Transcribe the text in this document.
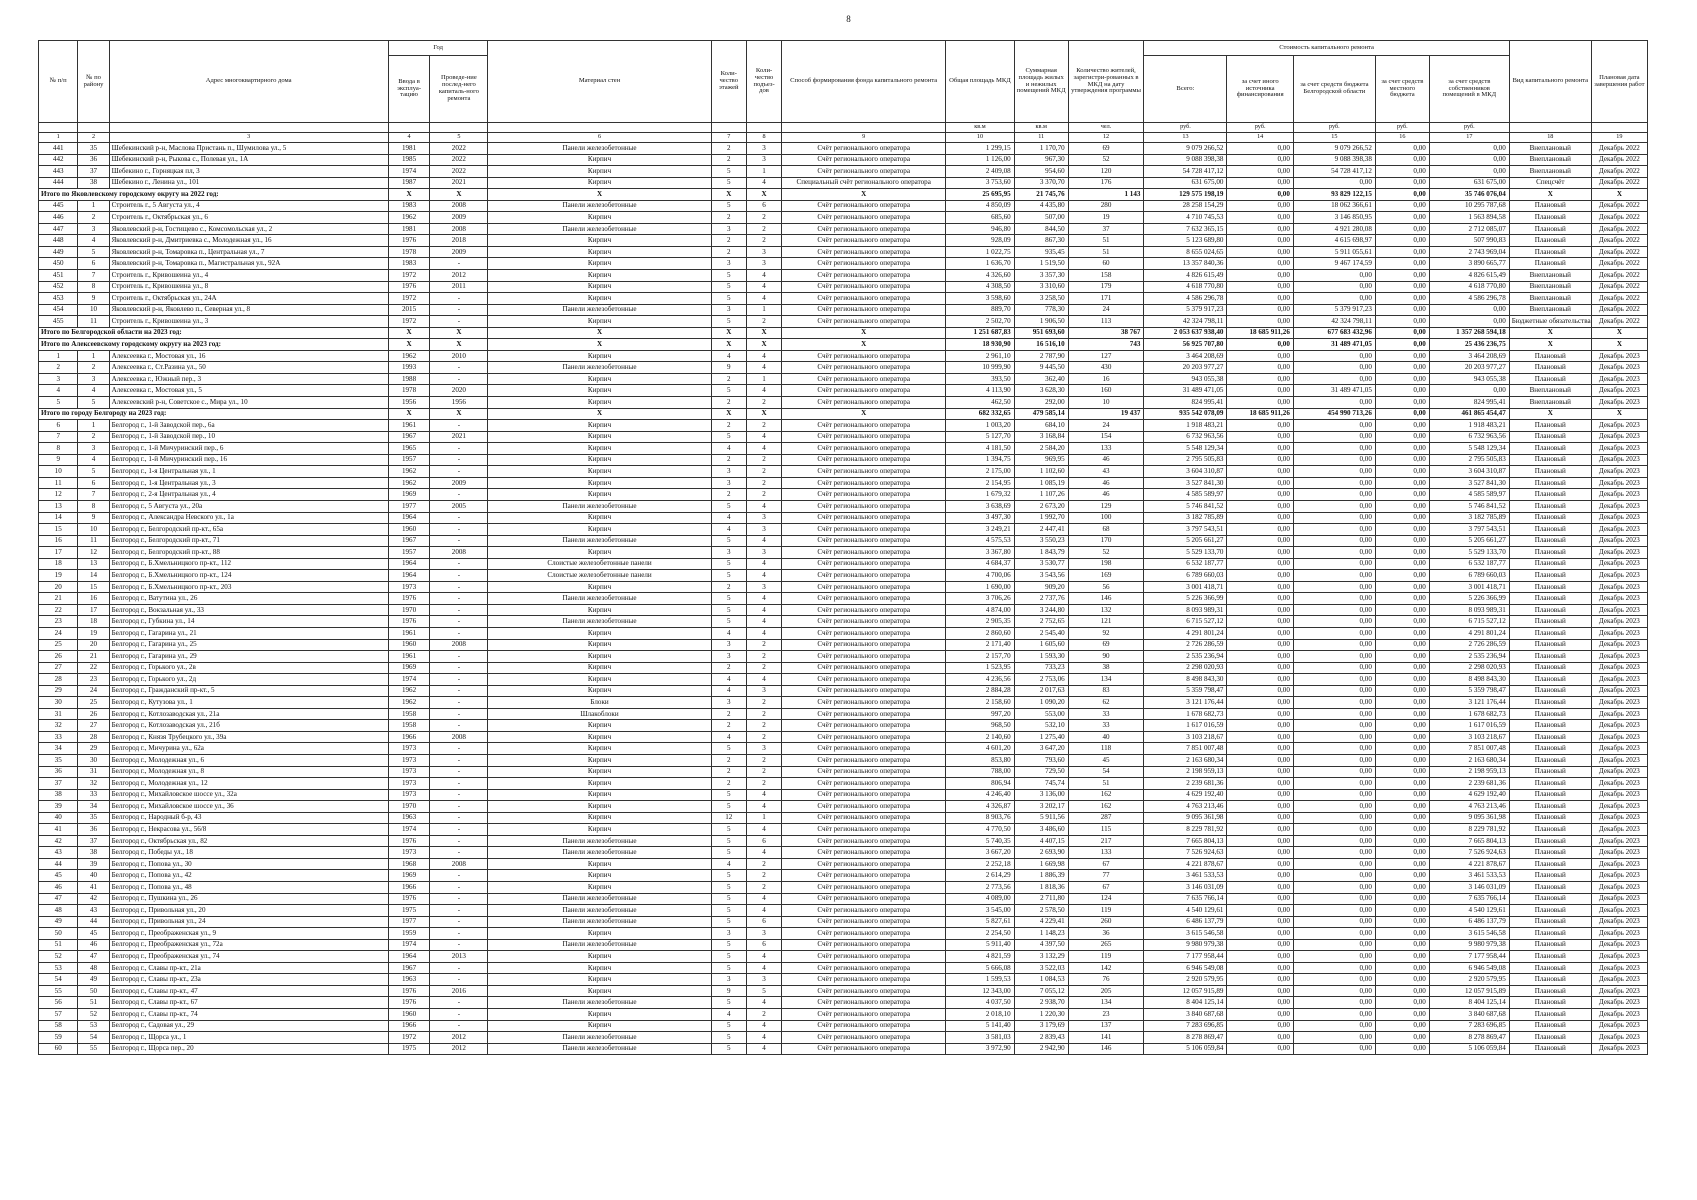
8
№ п/п	№ по району	Адрес многоквартирного дома	Год		Материал стен	Коли-чество этажей	Коли-чество подъез-дов	Способ формирования фонда капитального ремонта	Общая площадь МКД	Суммарная площадь жилых и нежилых помещений МКД	Количество жителей, зарегистри-рованных в МКД на дату утверждения программы	Стоимость капитального ремонта					Вид капитального ремонта	Плановая дата завершения работ
			Ввода в эксплуа-тацию	Проведе-ние послед-него капиталь-ного ремонта								Всего:	за счет иного источника финансирования	за счет средств бюджета Белгородской области	за счет средств местного бюджета	за счет средств собственников помещений в МКД		
									кв.м	кв.м	чел.	руб.	руб.	руб.	руб.	руб.		
1	2	3	4	5	6	7	8	9	10	11	12	13	14	15	16	17	18	19
441	35	Шебекинский р-н, Маслова Пристань п., Шумилова ул., 5	1981	2022	Панели железобетонные	2	3	Счёт регионального оператора	1 299,15	1 170,70	69	9 079 266,52	0,00	9 079 266,52	0,00	0,00	Внеплановый	Декабрь 2022
442	36	Шебекинский р-н, Рыкова с., Полевая ул., 1А	1985	2022	Кирпич	2	3	Счёт регионального оператора	1 126,00	967,30	52	9 088 398,38	0,00	9 088 398,38	0,00	0,00	Внеплановый	Декабрь 2022
443	37	Шебекино г., Горняцкая пл, 3	1974	2022	Кирпич	5	1	Счёт регионального оператора	2 409,08	954,60	120	54 728 417,12	0,00	54 728 417,12	0,00	0,00	Внеплановый	Декабрь 2022
444	38	Шебекино г., Ленина ул., 101	1987	2021	Кирпич	5	4	Специальный счёт регионального оператора	3 753,60	3 370,70	176	631 675,00	0,00	0,00	0,00	631 675,00	Спецсчёт	Декабрь 2022
Итого по Яковлевскому городскому округу на 2022 год:			X	X	X	X	X	X	25 695,95	21 745,76	1 143	129 575 198,19	0,00	93 829 122,15	0,00	35 746 076,04	X	X
445	1	Строитель г., 5 Августа ул., 4	1983	2008	Панели железобетонные	5	6	Счёт регионального оператора	4 850,09	4 435,80	280	28 258 154,29	0,00	18 062 366,61	0,00	10 295 787,68	Плановый	Декабрь 2022
446	2	Строитель г., Октябрьская ул., 6	1962	2009	Кирпич	2	2	Счёт регионального оператора	685,60	507,00	19	4 710 745,53	0,00	3 146 850,95	0,00	1 563 894,58	Плановый	Декабрь 2022
447	3	Яковлевский р-н, Гостищево с., Комсомольская ул., 2	1981	2008	Панели железобетонные	3	2	Счёт регионального оператора	946,80	844,50	37	7 632 365,15	0,00	4 921 280,08	0,00	2 712 085,07	Плановый	Декабрь 2022
448	4	Яковлевский р-н, Дмитриевка с., Молодежная ул., 16	1976	2018	Кирпич	2	2	Счёт регионального оператора	928,09	867,30	51	5 123 689,80	0,00	4 615 698,97	0,00	507 990,83	Плановый	Декабрь 2022
449	5	Яковлевский р-н, Томаровка п., Центральная ул., 7	1978	2009	Кирпич	2	3	Счёт регионального оператора	1 022,75	935,45	51	8 655 024,65	0,00	5 911 055,61	0,00	2 743 969,04	Плановый	Декабрь 2022
450	6	Яковлевский р-н, Томаровка п., Магистральная ул., 92А	1983	-	Кирпич	3	3	Счёт регионального оператора	1 636,70	1 519,50	60	13 357 840,36	0,00	9 467 174,59	0,00	3 890 665,77	Плановый	Декабрь 2022
451	7	Строитель г., Кривошеина ул., 4	1972	2012	Кирпич	5	4	Счёт регионального оператора	4 326,60	3 357,30	158	4 826 615,49	0,00	0,00	0,00	4 826 615,49	Внеплановый	Декабрь 2022
452	8	Строитель г., Кривошеина ул., 8	1976	2011	Кирпич	5	4	Счёт регионального оператора	4 308,50	3 310,60	179	4 618 770,80	0,00	0,00	0,00	4 618 770,80	Внеплановый	Декабрь 2022
453	9	Строитель г., Октябрьская ул., 24А	1972	-	Кирпич	5	4	Счёт регионального оператора	3 598,60	3 258,50	171	4 586 296,78	0,00	0,00	0,00	4 586 296,78	Внеплановый	Декабрь 2022
454	10	Яковлевский р-н, Яковлево п., Северная ул., 8	2015	-	Панели железобетонные	3	1	Счёт регионального оператора	889,70	778,30	24	5 379 917,23	0,00	5 379 917,23	0,00	0,00	Внеплановый	Декабрь 2022
455	11	Строитель г., Кривошеина ул., 3	1972	-	Кирпич	5	2	Счёт регионального оператора	2 502,70	1 906,50	113	42 324 798,11	0,00	42 324 798,11	0,00	0,00	Бюджетные обязательства	Декабрь 2022
Итого по Белгородской области на 2023 год:			X	X	X	X	X	X	1 251 687,83	951 693,60	38 767	2 053 637 938,40	18 685 911,26	677 683 432,96	0,00	1 357 268 594,18	X	X
Итого по Алексеевскому городскому округу на 2023 год:			X	X	X	X	X	X	18 930,90	16 516,10	743	56 925 707,80	0,00	31 489 471,05	0,00	25 436 236,75	X	X
1	1	Алексеевка г., Мостовая ул., 16	1962	2010	Кирпич	4	4	Счёт регионального оператора	2 961,10	2 787,90	127	3 464 208,69	0,00	0,00	0,00	3 464 208,69	Плановый	Декабрь 2023
2	2	Алексеевка г., Ст.Разина ул., 50	1993	-	Панели железобетонные	9	4	Счёт регионального оператора	10 999,90	9 445,50	430	20 203 977,27	0,00	0,00	0,00	20 203 977,27	Плановый	Декабрь 2023
3	3	Алексеевка г., Южный пер., 3	1988	-	Кирпич	2	1	Счёт регионального оператора	393,50	362,40	16	943 055,38	0,00	0,00	0,00	943 055,38	Плановый	Декабрь 2023
4	4	Алексеевка г., Мостовая ул., 5	1978	2020	Кирпич	5	4	Счёт регионального оператора	4 113,90	3 628,30	160	31 489 471,05	0,00	31 489 471,05	0,00	0,00	Внеплановый	Декабрь 2023
5	5	Алексеевский р-н, Советское с., Мира ул., 10	1956	1956	Кирпич	2	2	Счёт регионального оператора	462,50	292,00	10	824 995,41	0,00	0,00	0,00	824 995,41	Внеплановый	Декабрь 2023
Итого по городу Белгороду на 2023 год:			X	X	X	X	X	X	682 332,65	479 585,14	19 437	935 542 078,09	18 685 911,26	454 990 713,26	0,00	461 865 454,47	X	X
6	1	Белгород г., 1-й Заводской пер., 6а	1961	-	Кирпич	2	2	Счёт регионального оператора	1 003,20	684,10	24	1 918 483,21	0,00	0,00	0,00	1 918 483,21	Плановый	Декабрь 2023
7	2	Белгород г., 1-й Заводской пер., 10	1967	2021	Кирпич	5	4	Счёт регионального оператора	5 127,70	3 168,84	154	6 732 963,56	0,00	0,00	0,00	6 732 963,56	Плановый	Декабрь 2023
8	3	Белгород г., 1-й Мичуринский пер., 6	1965	-	Кирпич	4	4	Счёт регионального оператора	4 181,50	2 584,20	133	5 548 129,34	0,00	0,00	0,00	5 548 129,34	Плановый	Декабрь 2023
9	4	Белгород г., 1-й Мичуринский пер., 16	1957	-	Кирпич	2	2	Счёт регионального оператора	1 394,75	969,95	46	2 795 505,83	0,00	0,00	0,00	2 795 505,83	Плановый	Декабрь 2023
10	5	Белгород г., 1-я Центральная ул., 1	1962	-	Кирпич	3	2	Счёт регионального оператора	2 175,00	1 102,60	43	3 604 310,87	0,00	0,00	0,00	3 604 310,87	Плановый	Декабрь 2023
11	6	Белгород г., 1-я Центральная ул., 3	1962	2009	Кирпич	3	2	Счёт регионального оператора	2 154,95	1 085,19	46	3 527 841,30	0,00	0,00	0,00	3 527 841,30	Плановый	Декабрь 2023
12	7	Белгород г., 2-я Центральная ул., 4	1969	-	Кирпич	2	2	Счёт регионального оператора	1 679,32	1 107,26	46	4 585 589,97	0,00	0,00	0,00	4 585 589,97	Плановый	Декабрь 2023
13	8	Белгород г., 5 Августа ул., 20а	1977	2005	Панели железобетонные	5	4	Счёт регионального оператора	3 638,69	2 673,20	129	5 746 841,52	0,00	0,00	0,00	5 746 841,52	Плановый	Декабрь 2023
14	9	Белгород г., Александра Невского ул., 1а	1964	-	Кирпич	4	3	Счёт регионального оператора	3 497,30	1 992,70	100	3 182 785,89	0,00	0,00	0,00	3 182 785,89	Плановый	Декабрь 2023
15	10	Белгород г., Белгородский пр-кт., 65а	1960	-	Кирпич	4	3	Счёт регионального оператора	3 249,21	2 447,41	68	3 797 543,51	0,00	0,00	0,00	3 797 543,51	Плановый	Декабрь 2023
16	11	Белгород г., Белгородский пр-кт., 71	1967	-	Панели железобетонные	5	4	Счёт регионального оператора	4 575,53	3 550,23	170	5 205 661,27	0,00	0,00	0,00	5 205 661,27	Плановый	Декабрь 2023
17	12	Белгород г., Белгородский пр-кт., 88	1957	2008	Кирпич	3	3	Счёт регионального оператора	3 367,80	1 843,79	52	5 529 133,70	0,00	0,00	0,00	5 529 133,70	Плановый	Декабрь 2023
18	13	Белгород г., Б.Хмельницкого пр-кт., 112	1964	-	Слоистые железобетонные панели	5	4	Счёт регионального оператора	4 684,37	3 530,77	198	6 532 187,77	0,00	0,00	0,00	6 532 187,77	Плановый	Декабрь 2023
19	14	Белгород г., Б.Хмельницкого пр-кт., 124	1964	-	Слоистые железобетонные панели	5	4	Счёт регионального оператора	4 700,06	3 543,56	169	6 789 660,03	0,00	0,00	0,00	6 789 660,03	Плановый	Декабрь 2023
20	15	Белгород г., Б.Хмельницкого пр-кт., 203	1973	-	Кирпич	2	3	Счёт регионального оператора	1 690,00	909,20	56	3 001 418,71	0,00	0,00	0,00	3 001 418,71	Плановый	Декабрь 2023
21	16	Белгород г., Ватутина ул., 26	1976	-	Панели железобетонные	5	4	Счёт регионального оператора	3 706,26	2 737,76	146	5 226 366,99	0,00	0,00	0,00	5 226 366,99	Плановый	Декабрь 2023
22	17	Белгород г., Вокзальная ул., 33	1970	-	Кирпич	5	4	Счёт регионального оператора	4 874,00	3 244,80	132	8 093 989,31	0,00	0,00	0,00	8 093 989,31	Плановый	Декабрь 2023
23	18	Белгород г., Губкина ул., 14	1976	-	Панели железобетонные	5	4	Счёт регионального оператора	2 905,35	2 752,65	121	6 715 527,12	0,00	0,00	0,00	6 715 527,12	Плановый	Декабрь 2023
24	19	Белгород г., Гагарина ул., 21	1961	-	Кирпич	4	4	Счёт регионального оператора	2 860,60	2 545,40	92	4 291 801,24	0,00	0,00	0,00	4 291 801,24	Плановый	Декабрь 2023
25	20	Белгород г., Гагарина ул., 25	1960	2008	Кирпич	3	2	Счёт регионального оператора	2 171,40	1 605,60	69	2 726 286,59	0,00	0,00	0,00	2 726 286,59	Плановый	Декабрь 2023
26	21	Белгород г., Гагарина ул., 29	1961	-	Кирпич	3	2	Счёт регионального оператора	2 157,70	1 593,30	90	2 535 236,94	0,00	0,00	0,00	2 535 236,94	Плановый	Декабрь 2023
27	22	Белгород г., Горького ул., 2в	1969	-	Кирпич	2	2	Счёт регионального оператора	1 523,95	733,23	38	2 298 020,93	0,00	0,00	0,00	2 298 020,93	Плановый	Декабрь 2023
28	23	Белгород г., Горького ул., 2д	1974	-	Кирпич	4	4	Счёт регионального оператора	4 236,56	2 753,06	134	8 498 843,30	0,00	0,00	0,00	8 498 843,30	Плановый	Декабрь 2023
29	24	Белгород г., Гражданский пр-кт., 5	1962	-	Кирпич	4	3	Счёт регионального оператора	2 884,28	2 017,63	83	5 359 798,47	0,00	0,00	0,00	5 359 798,47	Плановый	Декабрь 2023
30	25	Белгород г., Кутузова ул., 1	1962	-	Блоки	3	2	Счёт регионального оператора	2 158,60	1 090,20	62	3 121 176,44	0,00	0,00	0,00	3 121 176,44	Плановый	Декабрь 2023
31	26	Белгород г., Котлозаводская ул., 21а	1958	-	Шлакоблоки	2	2	Счёт регионального оператора	997,20	553,00	33	1 678 682,73	0,00	0,00	0,00	1 678 682,73	Плановый	Декабрь 2023
32	27	Белгород г., Котлозаводская ул., 21б	1958	-	Кирпич	2	2	Счёт регионального оператора	968,50	532,10	33	1 617 016,59	0,00	0,00	0,00	1 617 016,59	Плановый	Декабрь 2023
33	28	Белгород г., Князя Трубецкого ул., 39а	1966	2008	Кирпич	4	2	Счёт регионального оператора	2 140,60	1 275,40	40	3 103 218,67	0,00	0,00	0,00	3 103 218,67	Плановый	Декабрь 2023
34	29	Белгород г., Мичурина ул., 62а	1973	-	Кирпич	5	3	Счёт регионального оператора	4 601,20	3 647,20	118	7 851 007,48	0,00	0,00	0,00	7 851 007,48	Плановый	Декабрь 2023
35	30	Белгород г., Молодежная ул., 6	1973	-	Кирпич	2	2	Счёт регионального оператора	853,80	793,60	45	2 163 680,34	0,00	0,00	0,00	2 163 680,34	Плановый	Декабрь 2023
36	31	Белгород г., Молодежная ул., 8	1973	-	Кирпич	2	2	Счёт регионального оператора	788,00	729,50	54	2 198 959,13	0,00	0,00	0,00	2 198 959,13	Плановый	Декабрь 2023
37	32	Белгород г., Молодежная ул., 12	1973	-	Кирпич	2	2	Счёт регионального оператора	806,94	745,74	51	2 239 681,36	0,00	0,00	0,00	2 239 681,36	Плановый	Декабрь 2023
38	33	Белгород г., Михайловское шоссе ул., 32а	1973	-	Кирпич	5	4	Счёт регионального оператора	4 246,40	3 136,00	162	4 629 192,40	0,00	0,00	0,00	4 629 192,40	Плановый	Декабрь 2023
39	34	Белгород г., Михайловское шоссе ул., 36	1970	-	Кирпич	5	4	Счёт регионального оператора	4 326,87	3 202,17	162	4 763 213,46	0,00	0,00	0,00	4 763 213,46	Плановый	Декабрь 2023
40	35	Белгород г., Народный б-р, 43	1963	-	Кирпич	12	1	Счёт регионального оператора	8 903,76	5 911,56	287	9 095 361,98	0,00	0,00	0,00	9 095 361,98	Плановый	Декабрь 2023
41	36	Белгород г., Некрасова ул., 56/8	1974	-	Кирпич	5	4	Счёт регионального оператора	4 770,50	3 486,60	115	8 229 781,92	0,00	0,00	0,00	8 229 781,92	Плановый	Декабрь 2023
42	37	Белгород г., Октябрьская ул., 82	1976	-	Панели железобетонные	5	6	Счёт регионального оператора	5 740,35	4 407,15	217	7 665 804,13	0,00	0,00	0,00	7 665 804,13	Плановый	Декабрь 2023
43	38	Белгород г., Победы ул., 18	1973	-	Панели железобетонные	5	4	Счёт регионального оператора	3 667,20	2 693,90	133	7 526 924,63	0,00	0,00	0,00	7 526 924,63	Плановый	Декабрь 2023
44	39	Белгород г., Попова ул., 30	1968	2008	Кирпич	4	2	Счёт регионального оператора	2 252,18	1 669,98	67	4 221 878,67	0,00	0,00	0,00	4 221 878,67	Плановый	Декабрь 2023
45	40	Белгород г., Попова ул., 42	1969	-	Кирпич	5	2	Счёт регионального оператора	2 614,29	1 886,39	77	3 461 533,53	0,00	0,00	0,00	3 461 533,53	Плановый	Декабрь 2023
46	41	Белгород г., Попова ул., 48	1966	-	Кирпич	5	2	Счёт регионального оператора	2 773,56	1 818,36	67	3 146 031,09	0,00	0,00	0,00	3 146 031,09	Плановый	Декабрь 2023
47	42	Белгород г., Пушкина ул., 26	1976	-	Панели железобетонные	5	4	Счёт регионального оператора	4 089,00	2 711,80	124	7 635 766,14	0,00	0,00	0,00	7 635 766,14	Плановый	Декабрь 2023
48	43	Белгород г., Привольная ул., 20	1975	-	Панели железобетонные	5	4	Счёт регионального оператора	3 545,00	2 578,50	119	4 540 129,61	0,00	0,00	0,00	4 540 129,61	Плановый	Декабрь 2023
49	44	Белгород г., Привольная ул., 24	1977	-	Панели железобетонные	5	6	Счёт регионального оператора	5 827,61	4 229,41	260	6 486 137,79	0,00	0,00	0,00	6 486 137,79	Плановый	Декабрь 2023
50	45	Белгород г., Преображенская ул., 9	1959	-	Кирпич	3	3	Счёт регионального оператора	2 254,50	1 148,23	36	3 615 546,58	0,00	0,00	0,00	3 615 546,58	Плановый	Декабрь 2023
51	46	Белгород г., Преображенская ул., 72а	1974	-	Панели железобетонные	5	6	Счёт регионального оператора	5 911,40	4 397,50	265	9 980 979,38	0,00	0,00	0,00	9 980 979,38	Плановый	Декабрь 2023
52	47	Белгород г., Преображенская ул., 74	1964	2013	Кирпич	5	4	Счёт регионального оператора	4 821,59	3 132,29	119	7 177 958,44	0,00	0,00	0,00	7 177 958,44	Плановый	Декабрь 2023
53	48	Белгород г., Славы пр-кт., 21а	1967	-	Кирпич	5	4	Счёт регионального оператора	5 666,08	3 522,03	142	6 946 549,08	0,00	0,00	0,00	6 946 549,08	Плановый	Декабрь 2023
54	49	Белгород г., Славы пр-кт., 23а	1963	-	Кирпич	3	3	Счёт регионального оператора	1 599,53	1 084,53	76	2 920 579,95	0,00	0,00	0,00	2 920 579,95	Плановый	Декабрь 2023
55	50	Белгород г., Славы пр-кт., 47	1976	2016	Кирпич	9	5	Счёт регионального оператора	12 343,00	7 055,12	205	12 057 915,89	0,00	0,00	0,00	12 057 915,89	Плановый	Декабрь 2023
56	51	Белгород г., Славы пр-кт., 67	1976	-	Панели железобетонные	5	4	Счёт регионального оператора	4 037,50	2 938,70	134	8 404 125,14	0,00	0,00	0,00	8 404 125,14	Плановый	Декабрь 2023
57	52	Белгород г., Славы пр-кт., 74	1960	-	Кирпич	4	2	Счёт регионального оператора	2 018,10	1 220,30	23	3 840 687,68	0,00	0,00	0,00	3 840 687,68	Плановый	Декабрь 2023
58	53	Белгород г., Садовая ул., 29	1966	-	Кирпич	5	4	Счёт регионального оператора	5 141,40	3 179,69	137	7 283 696,85	0,00	0,00	0,00	7 283 696,85	Плановый	Декабрь 2023
59	54	Белгород г., Щорса ул., 1	1972	2012	Панели железобетонные	5	4	Счёт регионального оператора	3 581,03	2 839,43	141	8 278 869,47	0,00	0,00	0,00	8 278 869,47	Плановый	Декабрь 2023
60	55	Белгород г., Щорса пер., 20	1975	2012	Панели железобетонные	5	4	Счёт регионального оператора	3 972,90	2 942,90	146	5 106 059,84	0,00	0,00	0,00	5 106 059,84	Плановый	Декабрь 2023
